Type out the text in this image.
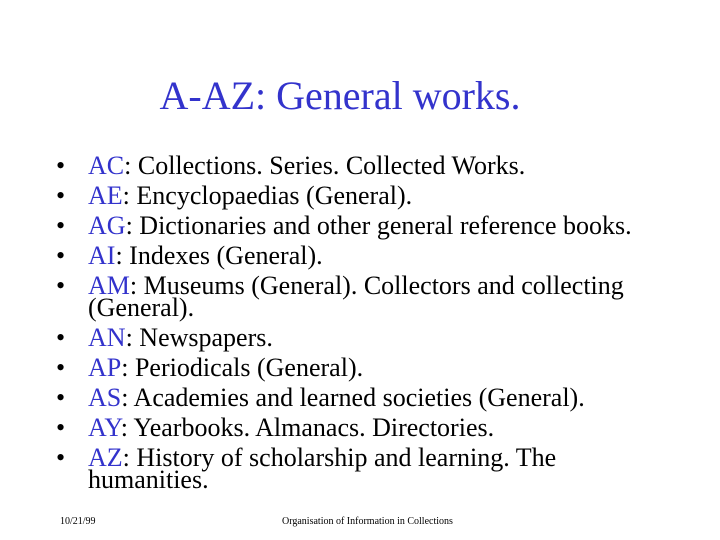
A-AZ: General works.
• AC: Collections. Series. Collected Works.
• AE: Encyclopaedias (General).
• AG: Dictionaries and other general reference books.
• AI: Indexes (General).
• AM: Museums (General). Collectors and collecting (General).
• AN: Newspapers.
• AP: Periodicals (General).
• AS: Academies and learned societies (General).
• AY: Yearbooks. Almanacs. Directories.
• AZ: History of scholarship and learning. The humanities.
10/21/99	Organisation of Information in Collections
